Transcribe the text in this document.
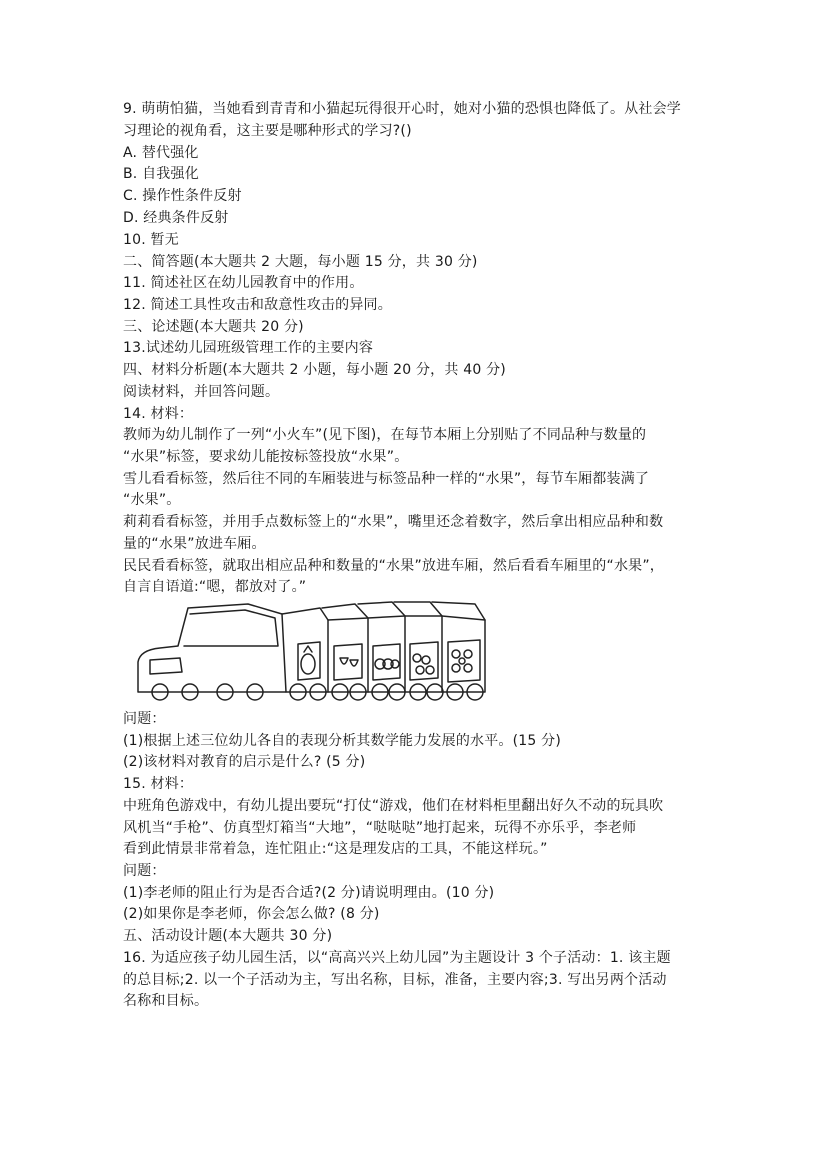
9. 萌萌怕猫，当她看到青青和小猫起玩得很开心时，她对小猫的恐惧也降低了。从社会学
习理论的视角看，这主要是哪种形式的学习?()
A. 替代强化
B. 自我强化
C. 操作性条件反射
D. 经典条件反射
10. 暂无
二、简答题(本大题共 2 大题，每小题 15 分，共 30 分)
11. 简述社区在幼儿园教育中的作用。
12. 简述工具性攻击和敌意性攻击的异同。
三、论述题(本大题共 20 分)
13.试述幼儿园班级管理工作的主要内容
四、材料分析题(本大题共 2 小题，每小题 20 分，共 40 分)
阅读材料，并回答问题。
14. 材料：
教师为幼儿制作了一列“小火车”(见下图)，在每节本厢上分别贴了不同品种与数量的
“水果”标签，要求幼儿能按标签投放“水果”。
雪儿看看标签，然后往不同的车厢装进与标签品种一样的“水果”，每节车厢都装满了
“水果”。
莉莉看看标签，并用手点数标签上的“水果”，嘴里还念着数字，然后拿出相应品种和数
量的“水果”放进车厢。
民民看看标签，就取出相应品种和数量的“水果”放进车厢，然后看看车厢里的“水果”，
自言自语道:“嗯，都放对了。”
问题：
(1)根据上述三位幼儿各自的表现分析其数学能力发展的水平。(15 分)
(2)该材料对教育的启示是什么? (5 分)
15. 材料：
中班角色游戏中，有幼儿提出要玩“打仗“游戏，他们在材料柜里翻出好久不动的玩具吹
风机当“手枪”、仿真型灯箱当“大地”，“哒哒哒”地打起来，玩得不亦乐乎，李老师
看到此情景非常着急，连忙阻止:“这是理发店的工具，不能这样玩。”
问题：
(1)李老师的阻止行为是否合适?(2 分)请说明理由。(10 分)
(2)如果你是李老师，你会怎么做? (8 分)
五、活动设计题(本大题共 30 分)
16. 为适应孩子幼儿园生活，以“高高兴兴上幼儿园”为主题设计 3 个子活动：1. 该主题
的总目标;2. 以一个子活动为主，写出名称，目标，准备，主要内容;3. 写出另两个活动
名称和目标。
